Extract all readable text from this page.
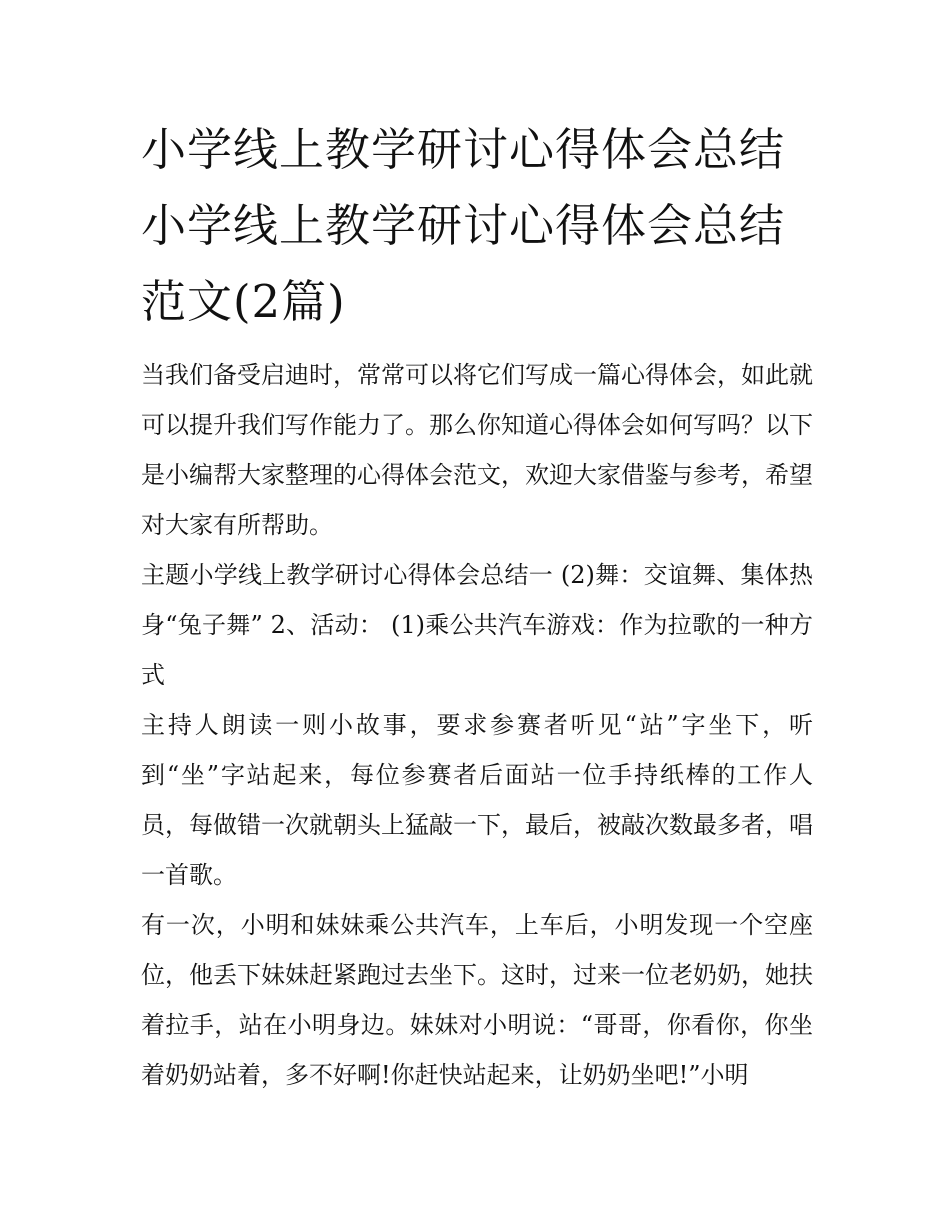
小学线上教学研讨心得体会总结 小学线上教学研讨心得体会总结范文(2篇)

当我们备受启迪时，常常可以将它们写成一篇心得体会，如此就可以提升我们写作能力了。那么你知道心得体会如何写吗？以下是小编帮大家整理的心得体会范文，欢迎大家借鉴与参考，希望对大家有所帮助。

主题小学线上教学研讨心得体会总结一 (2)舞：交谊舞、集体热身“兔子舞” 2、活动： (1)乘公共汽车游戏：作为拉歌的一种方式

主持人朗读一则小故事，要求参赛者听见“站”字坐下，听到“坐”字站起来，每位参赛者后面站一位手持纸棒的工作人员，每做错一次就朝头上猛敲一下，最后，被敲次数最多者，唱一首歌。

有一次，小明和妹妹乘公共汽车，上车后，小明发现一个空座位，他丢下妹妹赶紧跑过去坐下。这时，过来一位老奶奶，她扶着拉手，站在小明身边。妹妹对小明说：“哥哥，你看你，你坐着奶奶站着，多不好啊!你赶快站起来，让奶奶坐吧!”小明
